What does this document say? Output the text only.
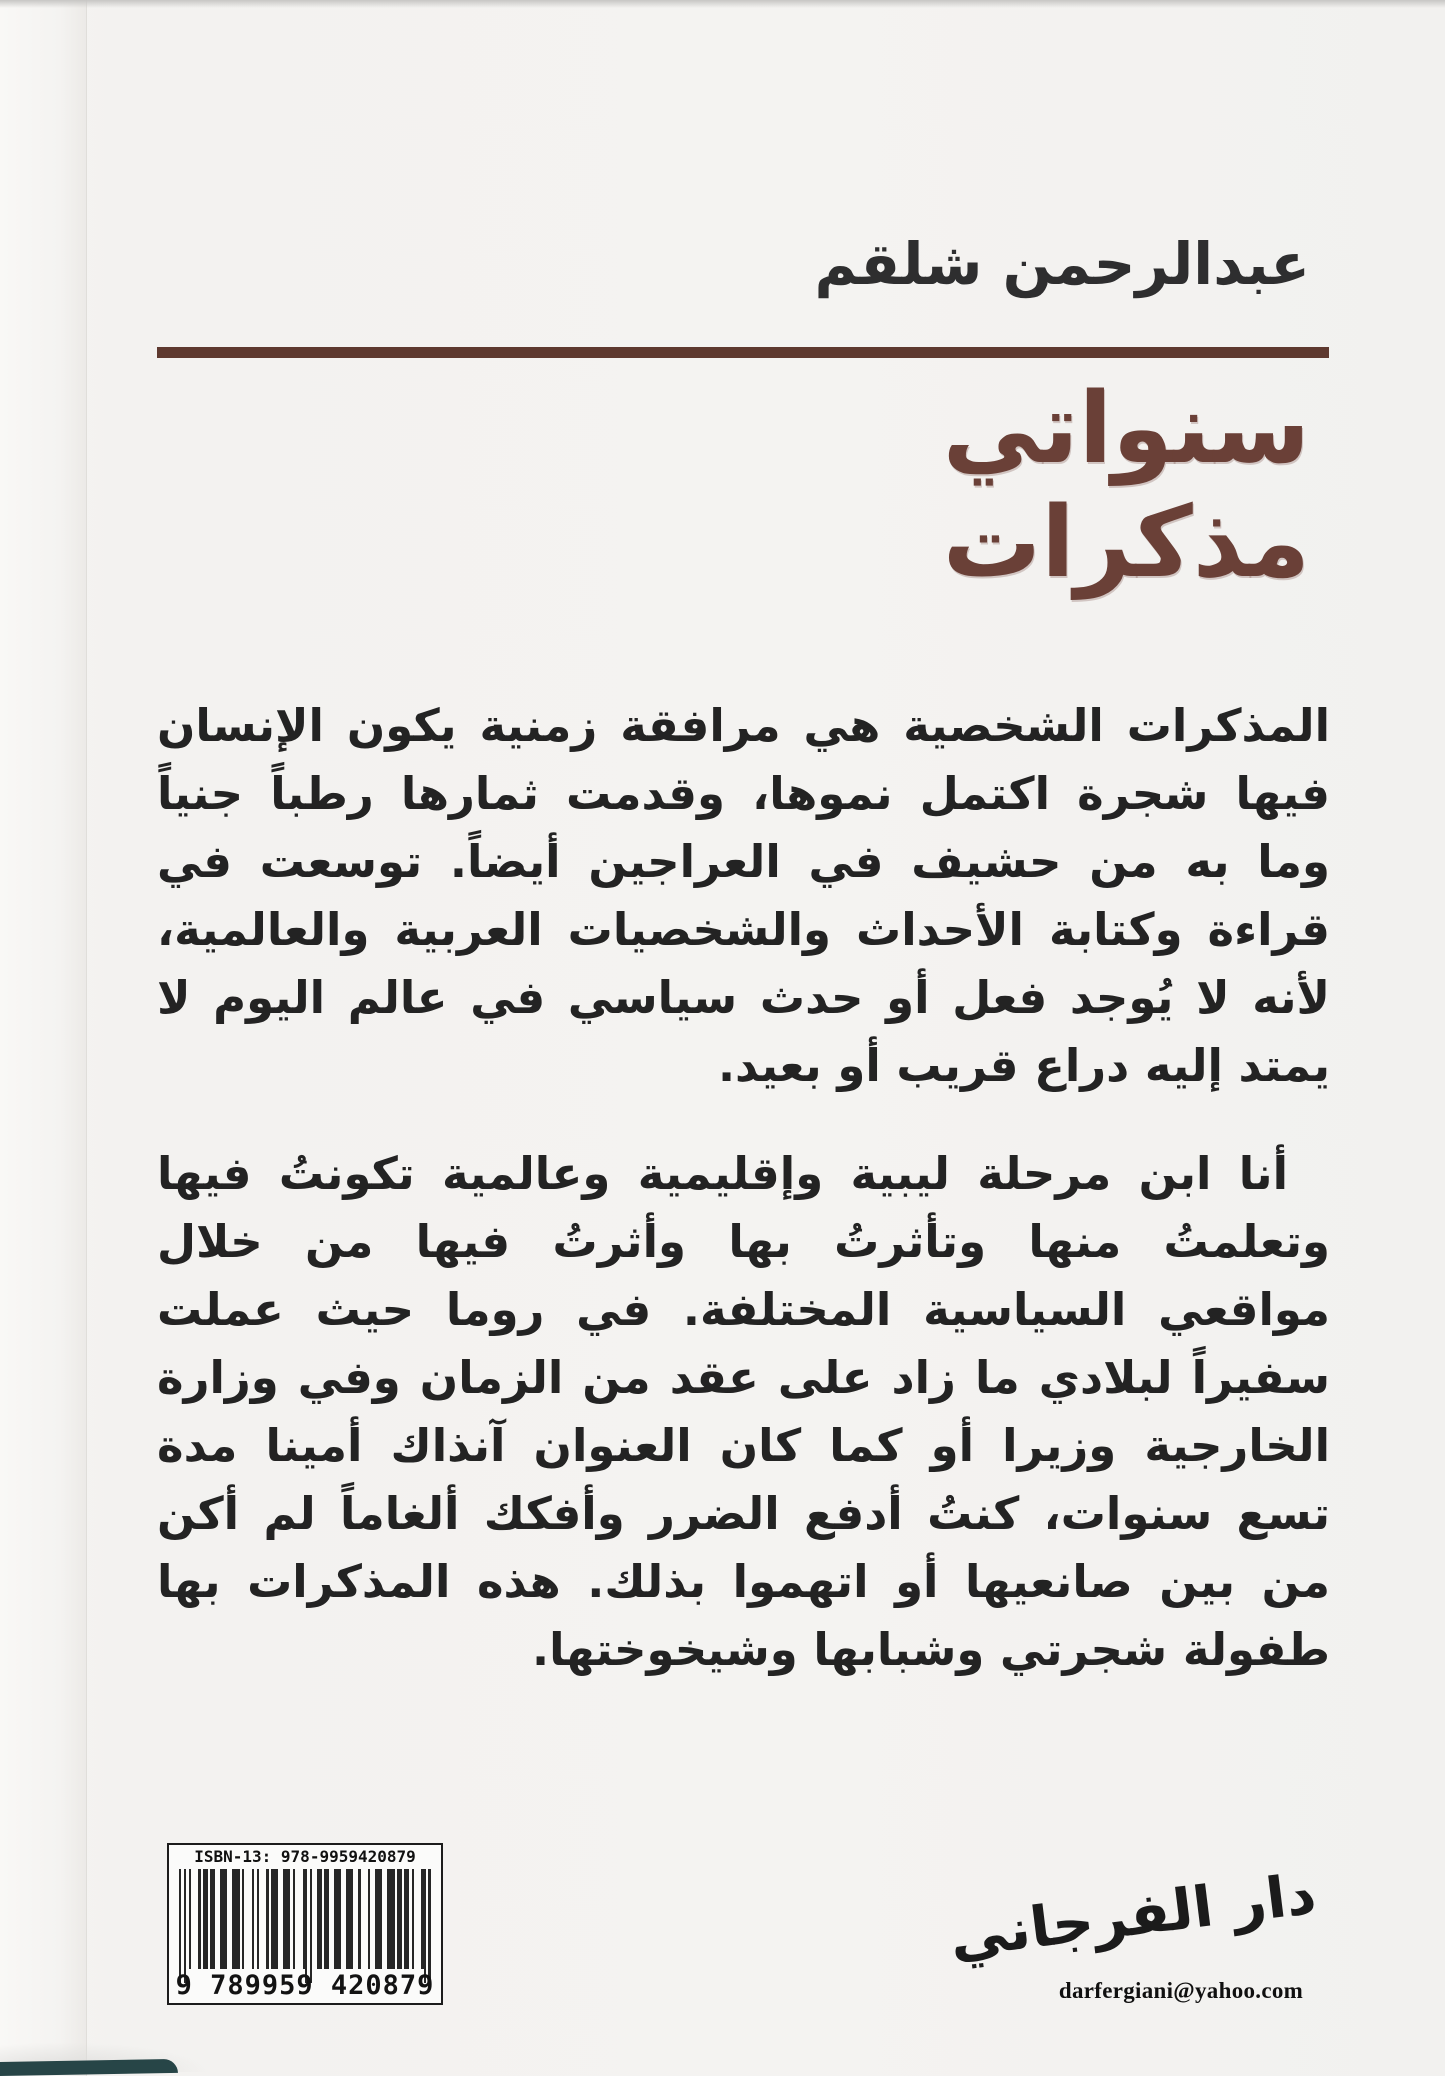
عبدالرحمن شلقم
سنواتي
مذكرات

المذكرات الشخصية هي مرافقة زمنية يكون الإنسان فيها شجرة اكتمل نموها، وقدمت ثمارها رطباً جنياً وما به من حشيف في العراجين أيضاً. توسعت في قراءة وكتابة الأحداث والشخصيات العربية والعالمية، لأنه لا يُوجد فعل أو حدث سياسي في عالم اليوم لا يمتد إليه دراع قريب أو بعيد.

أنا ابن مرحلة ليبية وإقليمية وعالمية تكونتُ فيها وتعلمتُ منها وتأثرتُ بها وأثرتُ فيها من خلال مواقعي السياسية المختلفة. في روما حيث عملت سفيراً لبلادي ما زاد على عقد من الزمان وفي وزارة الخارجية وزيرا أو كما كان العنوان آنذاك أمينا مدة تسع سنوات، كنتُ أدفع الضرر وأفكك ألغاماً لم أكن من بين صانعيها أو اتهموا بذلك. هذه المذكرات بها طفولة شجرتي وشبابها وشيخوختها.

ISBN-13: 978-9959420879
9 789959 420879
دار الفرجاني
darfergiani@yahoo.com
